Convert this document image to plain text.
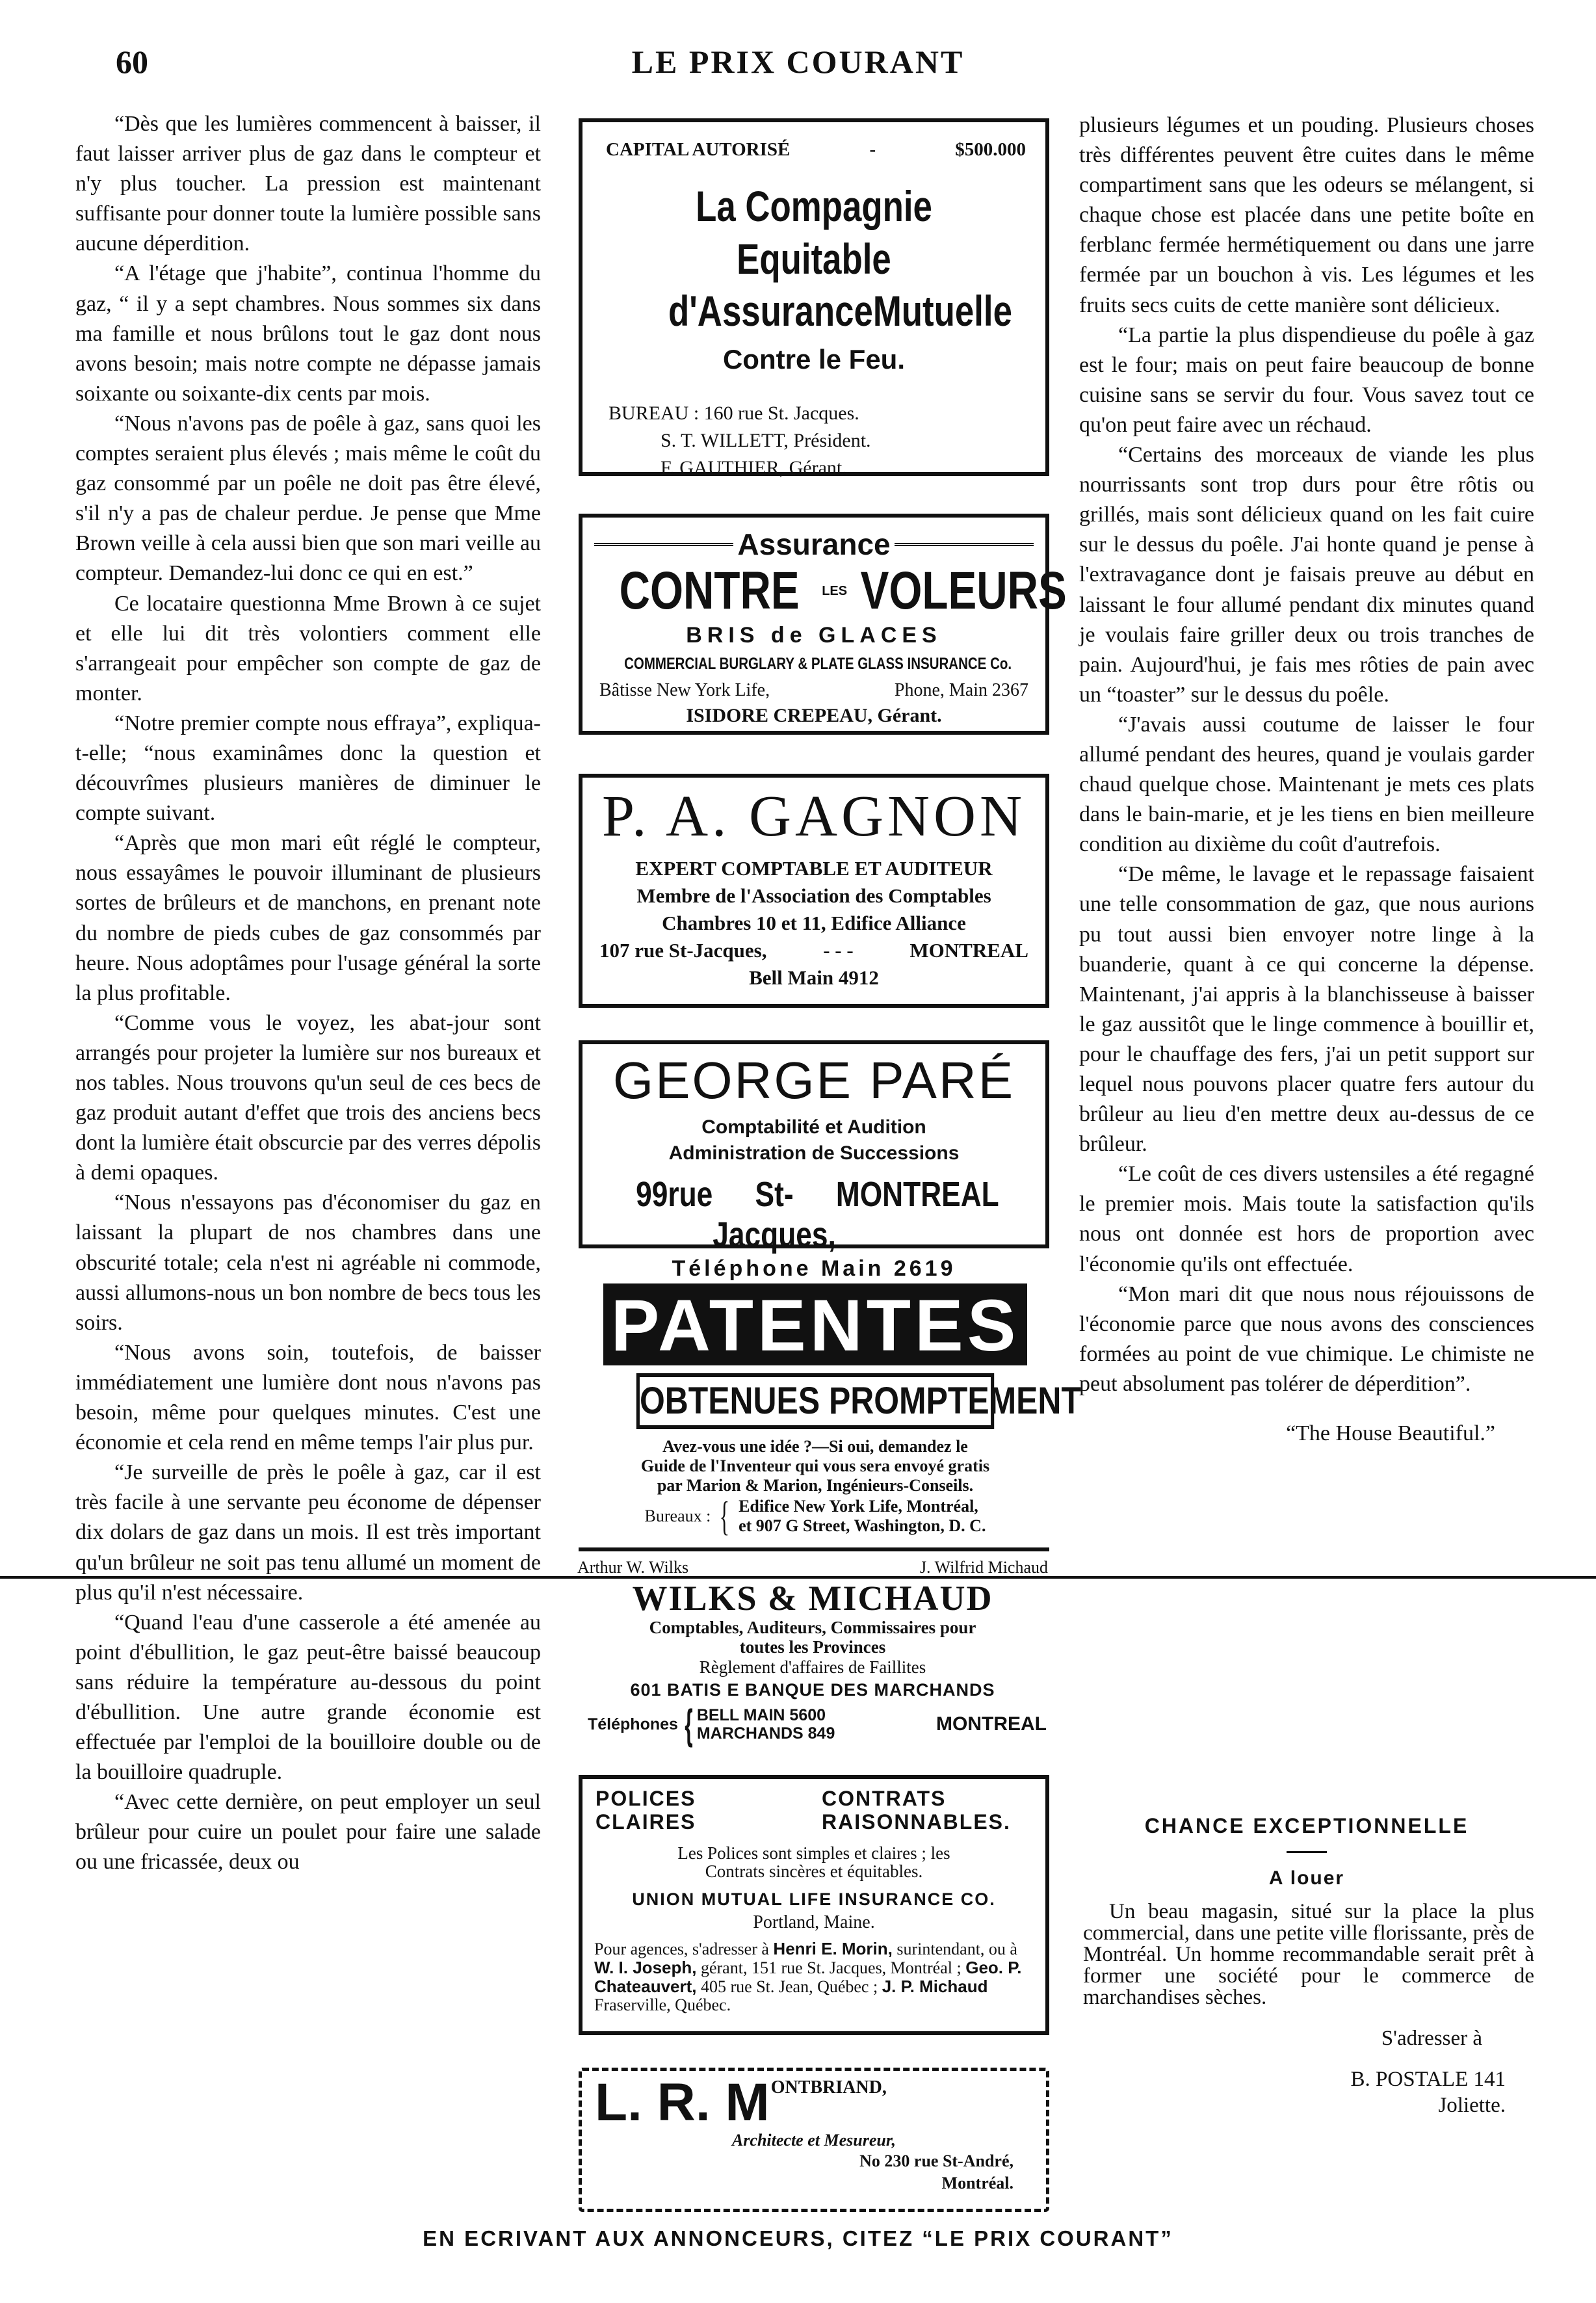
60	LE PRIX COURANT

“Dès que les lumières commencent à baisser, il faut laisser arriver plus de gaz dans le compteur et n'y plus toucher. La pression est maintenant suffisante pour donner toute la lumière possible sans aucune déperdition.

“A l'étage que j'habite”, continua l'homme du gaz, “ il y a sept chambres. Nous sommes six dans ma famille et nous brûlons tout le gaz dont nous avons besoin; mais notre compte ne dépasse jamais soixante ou soixante-dix cents par mois.

“Nous n'avons pas de poêle à gaz, sans quoi les comptes seraient plus élevés ; mais même le coût du gaz consommé par un poêle ne doit pas être élevé, s'il n'y a pas de chaleur perdue. Je pense que Mme Brown veille à cela aussi bien que son mari veille au compteur. Demandez-lui donc ce qui en est.”

Ce locataire questionna Mme Brown à ce sujet et elle lui dit très volontiers comment elle s'arrangeait pour empêcher son compte de gaz de monter.

“Notre premier compte nous effraya”, expliqua-t-elle; “nous examinâmes donc la question et découvrîmes plusieurs manières de diminuer le compte suivant.

“Après que mon mari eût réglé le compteur, nous essayâmes le pouvoir illuminant de plusieurs sortes de brûleurs et de manchons, en prenant note du nombre de pieds cubes de gaz consommés par heure. Nous adoptâmes pour l'usage général la sorte la plus profitable.

“Comme vous le voyez, les abat-jour sont arrangés pour projeter la lumière sur nos bureaux et nos tables. Nous trouvons qu'un seul de ces becs de gaz produit autant d'effet que trois des anciens becs dont la lumière était obscurcie par des verres dépolis à demi opaques.

“Nous n'essayons pas d'économiser du gaz en laissant la plupart de nos chambres dans une obscurité totale; cela n'est ni agréable ni commode, aussi allumons-nous un bon nombre de becs tous les soirs.

“Nous avons soin, toutefois, de baisser immédiatement une lumière dont nous n'avons pas besoin, même pour quelques minutes. C'est une économie et cela rend en même temps l'air plus pur.

“Je surveille de près le poêle à gaz, car il est très facile à une servante peu économe de dépenser dix dolars de gaz dans un mois. Il est très important qu'un brûleur ne soit pas tenu allumé un moment de plus qu'il n'est nécessaire.

“Quand l'eau d'une casserole a été amenée au point d'ébullition, le gaz peut-être baissé beaucoup sans réduire la température au-dessous du point d'ébullition. Une autre grande économie est effectuée par l'emploi de la bouilloire double ou de la bouilloire quadruple.

“Avec cette dernière, on peut employer un seul brûleur pour cuire un poulet pour faire une salade ou une fricassée, deux ou

plusieurs légumes et un pouding. Plusieurs choses très différentes peuvent être cuites dans le même compartiment sans que les odeurs se mélangent, si chaque chose est placée dans une petite boîte en ferblanc fermée hermétiquement ou dans une jarre fermée par un bouchon à vis. Les légumes et les fruits secs cuits de cette manière sont délicieux.

“La partie la plus dispendieuse du poêle à gaz est le four; mais on peut faire beaucoup de bonne cuisine sans se servir du four. Vous savez tout ce qu'on peut faire avec un réchaud.

“Certains des morceaux de viande les plus nourrissants sont trop durs pour être rôtis ou grillés, mais sont délicieux quand on les fait cuire sur le dessus du poêle. J'ai honte quand je pense à l'extravagance dont je faisais preuve au début en laissant le four allumé pendant dix minutes quand je voulais faire griller deux ou trois tranches de pain. Aujourd'hui, je fais mes rôties de pain avec un “toaster” sur le dessus du poêle.

“J'avais aussi coutume de laisser le four allumé pendant des heures, quand je voulais garder chaud quelque chose. Maintenant je mets ces plats dans le bain-marie, et je les tiens en bien meilleure condition au dixième du coût d'autrefois.

“De même, le lavage et le repassage faisaient une telle consommation de gaz, que nous aurions pu tout aussi bien envoyer notre linge à la buanderie, quant à ce qui concerne la dépense. Maintenant, j'ai appris à la blanchisseuse à baisser le gaz aussitôt que le linge commence à bouillir et, pour le chauffage des fers, j'ai un petit support sur lequel nous pouvons placer quatre fers autour du brûleur au lieu d'en mettre deux au-dessus de ce brûleur.

“Le coût de ces divers ustensiles a été regagné le premier mois. Mais toute la satisfaction qu'ils nous ont donnée est hors de proportion avec l'économie qu'ils ont effectuée.

“Mon mari dit que nous nous réjouissons de l'économie parce que nous avons des consciences formées au point de vue chimique. Le chimiste ne peut absolument pas tolérer de déperdition”.

“The House Beautiful.”

CAPITAL AUTORISÉ	-	$500.000
La Compagnie Equitable
d'Assurance Mutuelle
Contre le Feu.
BUREAU : 160 rue St. Jacques.
S. T. WILLETT, Président.
F. GAUTHIER, Gérant.
Assurance
CONTRE LES VOLEURS
BRIS de GLACES
COMMERCIAL BURGLARY & PLATE GLASS INSURANCE Co.
Bâtisse New York Life,	Phone, Main 2367
ISIDORE CREPEAU, Gérant.
P. A. GAGNON
EXPERT COMPTABLE ET AUDITEUR
Membre de l'Association des Comptables
Chambres 10 et 11, Edifice Alliance
107 rue St-Jacques,	- - -	MONTREAL
Bell Main 4912
GEORGE PARÉ
Comptabilité et Audition
Administration de Successions
99 rue	St-Jacques,
MONTREAL
Téléphone Main 2619
PATENTES
OBTENUES PROMPTEMENT
Avez-vous une idée ?—Si oui, demandez le
Guide de l'Inventeur qui vous sera envoyé gratis
par Marion & Marion, Ingénieurs-Conseils.
Bureaux : { Edifice New York Life, Montréal,
et 907 G Street, Washington, D. C.
Arthur W. Wilks	J. Wilfrid Michaud
WILKS & MICHAUD
Comptables, Auditeurs, Commissaires pour
toutes les Provinces
Règlement d'affaires de Faillites
601 BATIS E BANQUE DES MARCHANDS
Téléphones { BELL MAIN 5600
MARCHANDS 849	MONTREAL
POLICES
CLAIRES
CONTRATS
RAISONNABLES.
Les Polices sont simples et claires ; les
Contrats sincères et équitables.
UNION MUTUAL LIFE INSURANCE CO.
Portland, Maine.
Pour agences, s'adresser à Henri E. Morin, surintendant, ou à W. I. Joseph, gérant, 151 rue St. Jacques, Montréal ; Geo. P. Chateauvert, 405 rue St. Jean, Québec ; J. P. Michaud Fraserville, Québec.
L. R. M ONTBRIAND,
Architecte et Mesureur,
No 230 rue St-André,
Montréal.
CHANCE EXCEPTIONNELLE
A louer
Un beau magasin, situé sur la place la plus commercial, dans une petite ville florissante, près de Montréal. Un homme recommandable serait prêt à former une société pour le commerce de marchandises sèches.
S'adresser à
B. POSTALE 141
Joliette.
EN ECRIVANT AUX ANNONCEURS, CITEZ “LE PRIX COURANT”
